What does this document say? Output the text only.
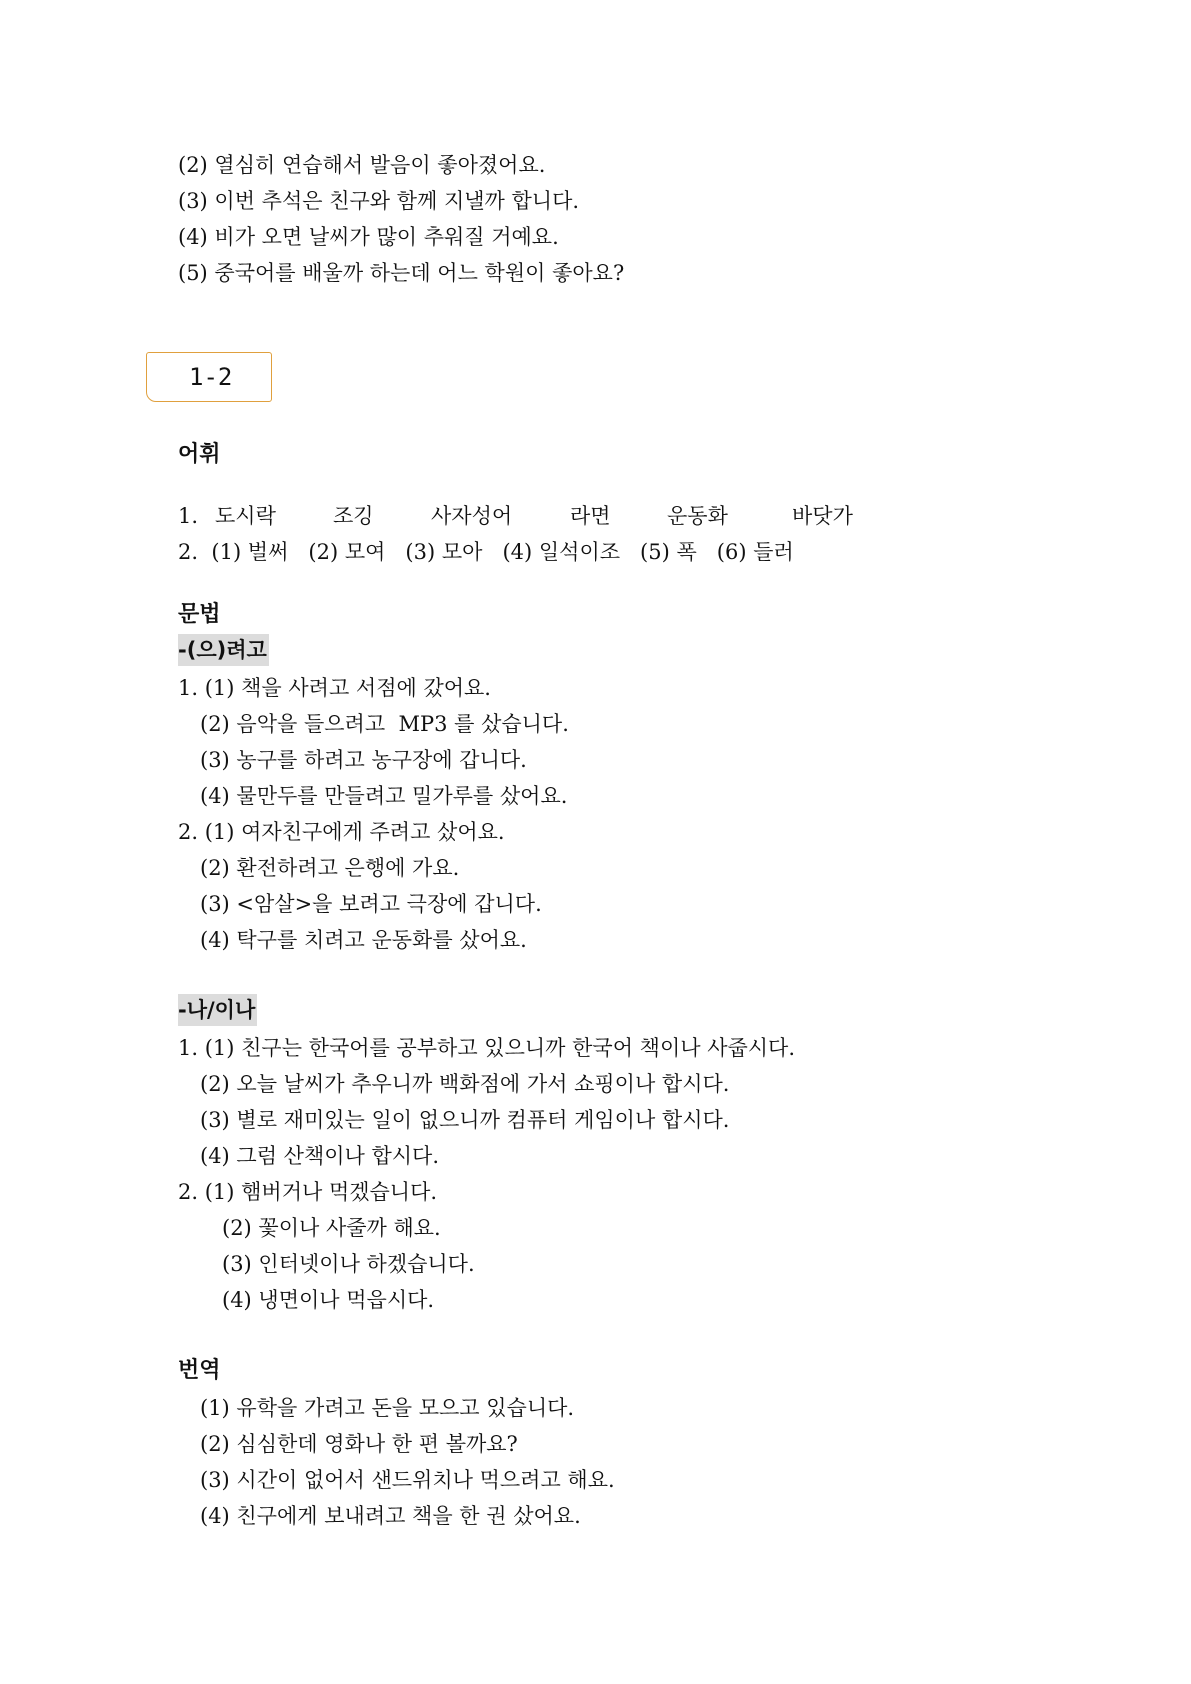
(2) 열심히 연습해서 발음이 좋아졌어요.
(3) 이번 추석은 친구와 함께 지낼까 합니다.
(4) 비가 오면 날씨가 많이 추워질 거예요.
(5) 중국어를 배울까 하는데 어느 학원이 좋아요?
1-2
어휘
1. 도시락	조깅	사자성어	라면	운동화	바닷가
2.  (1) 벌써   (2) 모여   (3) 모아   (4) 일석이조   (5) 폭   (6) 들러
문법
-(으)려고
1. (1) 책을 사려고 서점에 갔어요.
(2) 음악을 들으려고  MP3 를 샀습니다.
(3) 농구를 하려고 농구장에 갑니다.
(4) 물만두를 만들려고 밀가루를 샀어요.
2. (1) 여자친구에게 주려고 샀어요.
(2) 환전하려고 은행에 가요.
(3) <암살>을 보려고 극장에 갑니다.
(4) 탁구를 치려고 운동화를 샀어요.
-나/이나
1. (1) 친구는 한국어를 공부하고 있으니까 한국어 책이나 사줍시다.
(2) 오늘 날씨가 추우니까 백화점에 가서 쇼핑이나 합시다.
(3) 별로 재미있는 일이 없으니까 컴퓨터 게임이나 합시다.
(4) 그럼 산책이나 합시다.
2. (1) 햄버거나 먹겠습니다.
(2) 꽃이나 사줄까 해요.
(3) 인터넷이나 하겠습니다.
(4) 냉면이나 먹읍시다.
번역
(1) 유학을 가려고 돈을 모으고 있습니다.
(2) 심심한데 영화나 한 편 볼까요?
(3) 시간이 없어서 샌드위치나 먹으려고 해요.
(4) 친구에게 보내려고 책을 한 권 샀어요.
